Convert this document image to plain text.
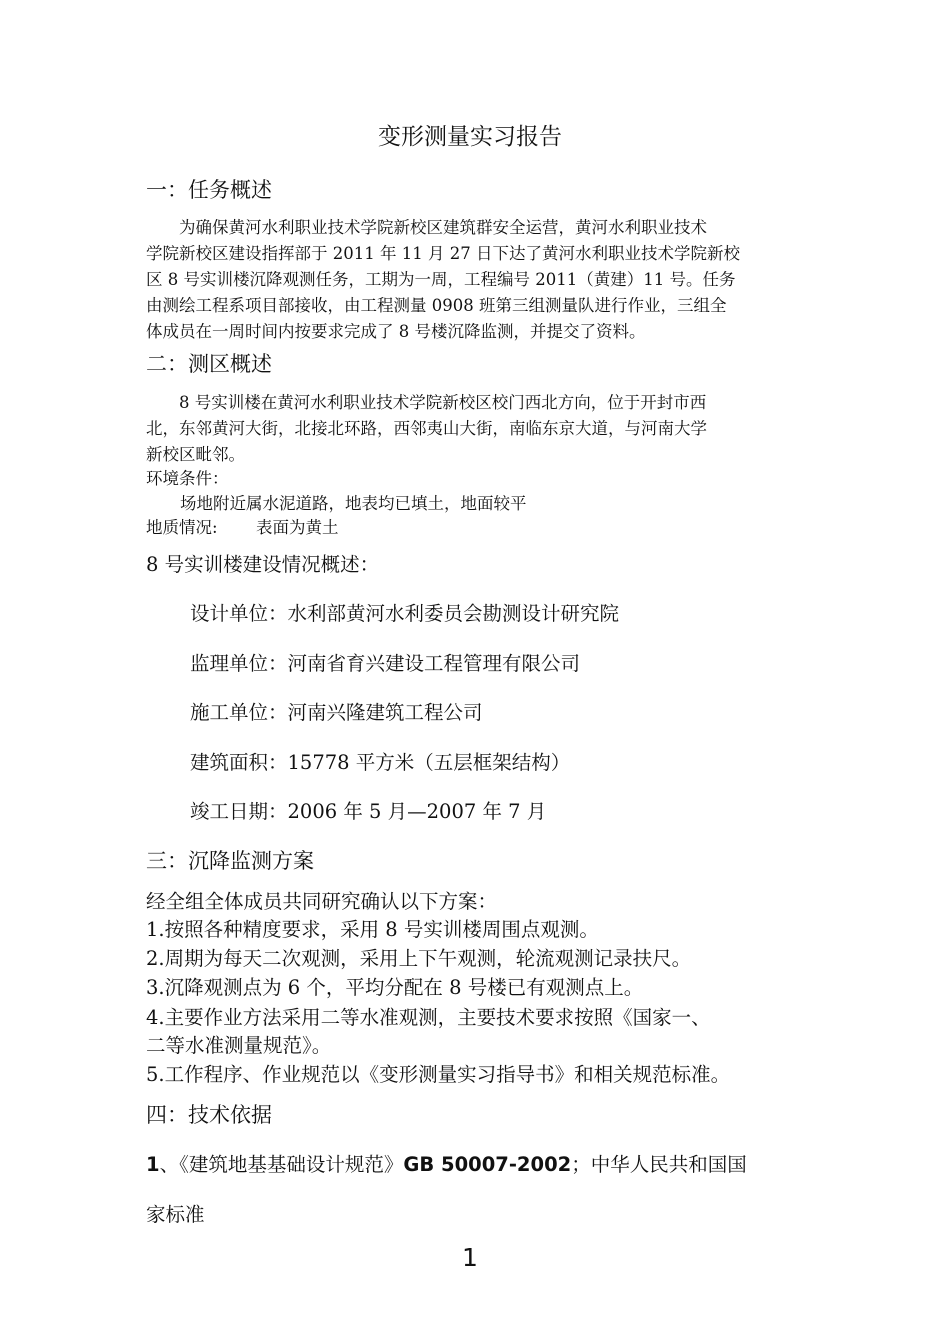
变形测量实习报告
一：任务概述
为确保黄河水利职业技术学院新校区建筑群安全运营，黄河水利职业技术
学院新校区建设指挥部于 2011 年 11 月 27 日下达了黄河水利职业技术学院新校
区 8 号实训楼沉降观测任务，工期为一周，工程编号 2011（黄建）11 号。任务
由测绘工程系项目部接收，由工程测量 0908 班第三组测量队进行作业，三组全
体成员在一周时间内按要求完成了 8 号楼沉降监测，并提交了资料。
二：测区概述
8 号实训楼在黄河水利职业技术学院新校区校门西北方向，位于开封市西
北，东邻黄河大街，北接北环路，西邻夷山大街，南临东京大道，与河南大学
新校区毗邻。
环境条件：
场地附近属水泥道路，地表均已填土，地面较平
地质情况: 表面为黄土
8 号实训楼建设情况概述：
设计单位：水利部黄河水利委员会勘测设计研究院
监理单位：河南省育兴建设工程管理有限公司
施工单位：河南兴隆建筑工程公司
建筑面积：15778 平方米（五层框架结构）
竣工日期：2006 年 5 月—2007 年 7 月
三：沉降监测方案
经全组全体成员共同研究确认以下方案：
1.按照各种精度要求，采用 8 号实训楼周围点观测。
2.周期为每天二次观测，采用上下午观测，轮流观测记录扶尺。
3.沉降观测点为 6 个，平均分配在 8 号楼已有观测点上。
4.主要作业方法采用二等水准观测，主要技术要求按照《国家一、
二等水准测量规范》。
5.工作程序、作业规范以《变形测量实习指导书》和相关规范标准。
四：技术依据
1、《建筑地基基础设计规范》GB 50007-2002；中华人民共和国国
家标准
1
